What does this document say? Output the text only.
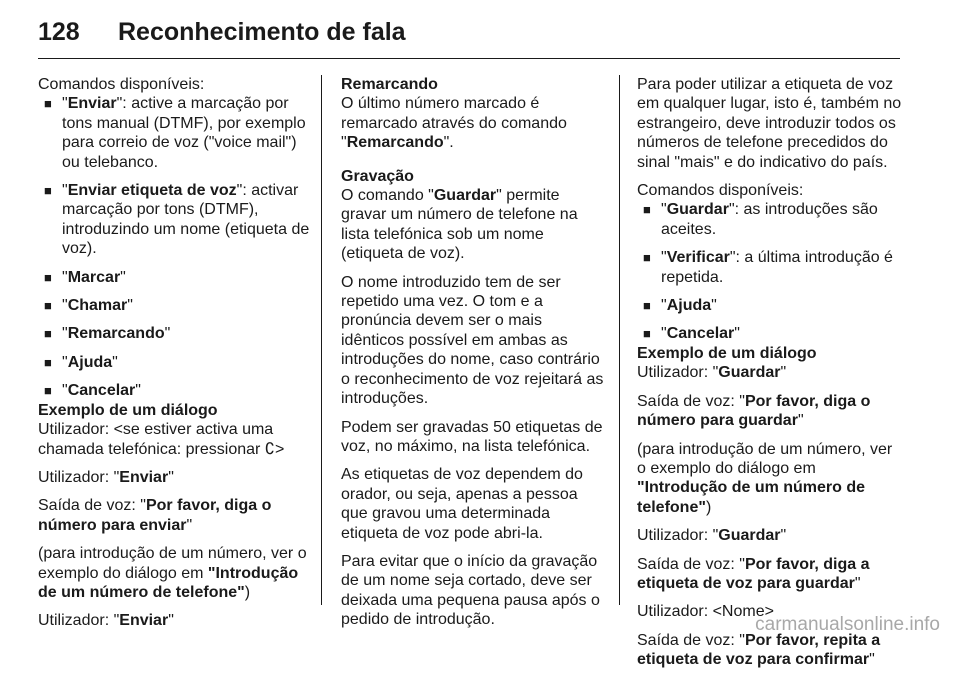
128 Reconhecimento de fala

Comandos disponíveis:

■ "Enviar": active a marcação por tons manual (DTMF), por exemplo para correio de voz ("voice mail") ou telebanco.
■ "Enviar etiqueta de voz": activar marcação por tons (DTMF), introduzindo um nome (etiqueta de voz).
■ "Marcar"
■ "Chamar"
■ "Remarcando"
■ "Ajuda"
■ "Cancelar"

Exemplo de um diálogo
Utilizador: <se estiver activa uma chamada telefónica: pressionar ∁>

Utilizador: "Enviar"

Saída de voz: "Por favor, diga o número para enviar"

(para introdução de um número, ver o exemplo do diálogo em "Introdução de um número de telefone")

Utilizador: "Enviar"

Remarcando
O último número marcado é remarcado através do comando "Remarcando".

Gravação
O comando "Guardar" permite gravar um número de telefone na lista telefónica sob um nome (etiqueta de voz).

O nome introduzido tem de ser repetido uma vez. O tom e a pronúncia devem ser o mais idênticos possível em ambas as introduções do nome, caso contrário o reconhecimento de voz rejeitará as introduções.

Podem ser gravadas 50 etiquetas de voz, no máximo, na lista telefónica.

As etiquetas de voz dependem do orador, ou seja, apenas a pessoa que gravou uma determinada etiqueta de voz pode abri-la.

Para evitar que o início da gravação de um nome seja cortado, deve ser deixada uma pequena pausa após o pedido de introdução.

Para poder utilizar a etiqueta de voz em qualquer lugar, isto é, também no estrangeiro, deve introduzir todos os números de telefone precedidos do sinal "mais" e do indicativo do país.

Comandos disponíveis:

■ "Guardar": as introduções são aceites.
■ "Verificar": a última introdução é repetida.
■ "Ajuda"
■ "Cancelar"

Exemplo de um diálogo
Utilizador: "Guardar"

Saída de voz: "Por favor, diga o número para guardar"

(para introdução de um número, ver o exemplo do diálogo em "Introdução de um número de telefone")

Utilizador: "Guardar"

Saída de voz: "Por favor, diga a etiqueta de voz para guardar"

Utilizador: <Nome>

Saída de voz: "Por favor, repita a etiqueta de voz para confirmar"

carmanualsonline.info
